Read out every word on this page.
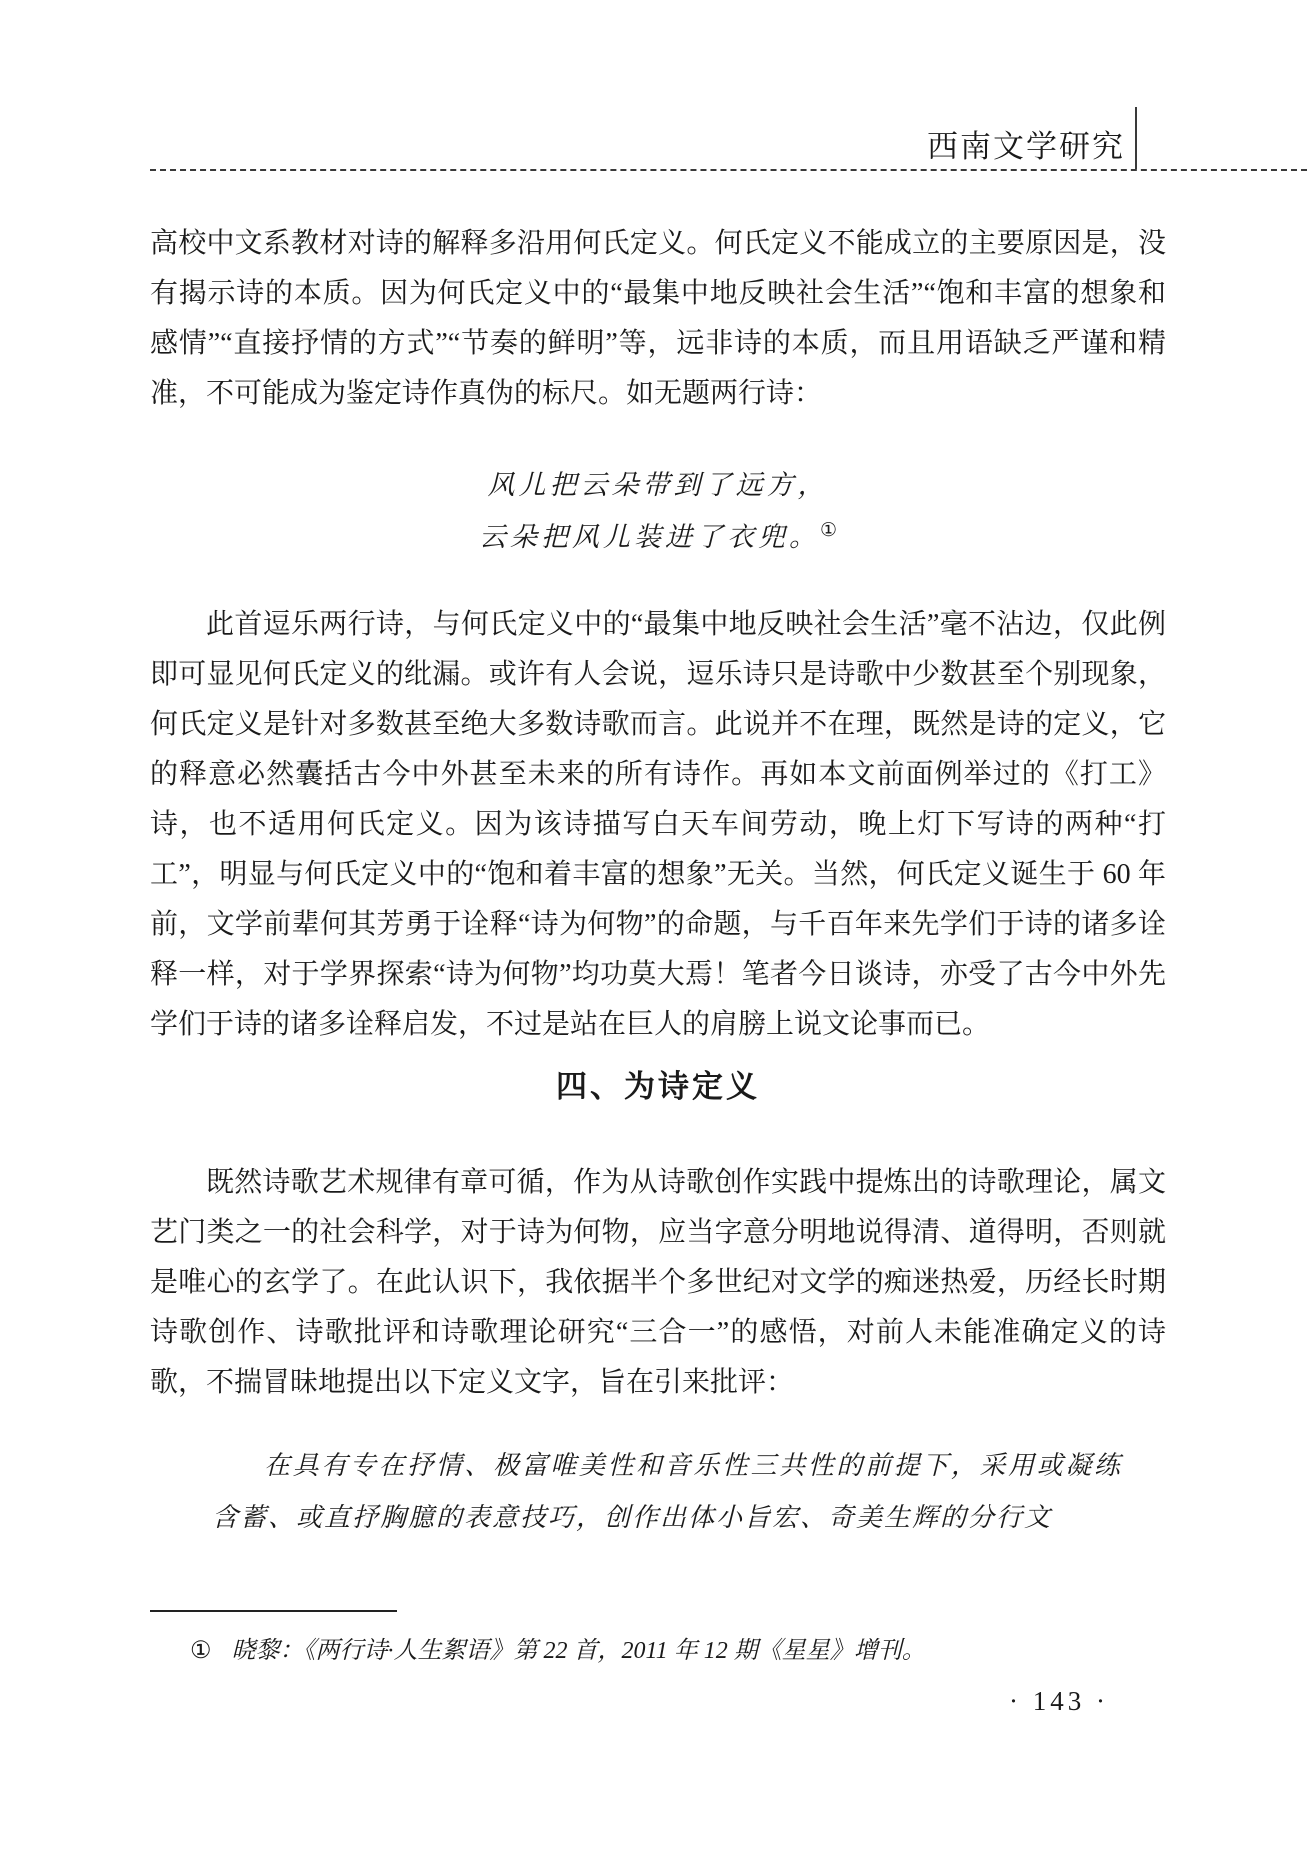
西南文学研究

高校中文系教材对诗的解释多沿用何氏定义。何氏定义不能成立的主要原因是，没有揭示诗的本质。因为何氏定义中的“最集中地反映社会生活”“饱和丰富的想象和感情”“直接抒情的方式”“节奏的鲜明”等，远非诗的本质，而且用语缺乏严谨和精准，不可能成为鉴定诗作真伪的标尺。如无题两行诗：

风儿把云朵带到了远方，
云朵把风儿装进了衣兜。①

此首逗乐两行诗，与何氏定义中的“最集中地反映社会生活”毫不沾边，仅此例即可显见何氏定义的纰漏。或许有人会说，逗乐诗只是诗歌中少数甚至个别现象，何氏定义是针对多数甚至绝大多数诗歌而言。此说并不在理，既然是诗的定义，它的释意必然囊括古今中外甚至未来的所有诗作。再如本文前面例举过的《打工》诗，也不适用何氏定义。因为该诗描写白天车间劳动，晚上灯下写诗的两种“打工”，明显与何氏定义中的“饱和着丰富的想象”无关。当然，何氏定义诞生于 60 年前，文学前辈何其芳勇于诠释“诗为何物”的命题，与千百年来先学们于诗的诸多诠释一样，对于学界探索“诗为何物”均功莫大焉！笔者今日谈诗，亦受了古今中外先学们于诗的诸多诠释启发，不过是站在巨人的肩膀上说文论事而已。

四、为诗定义

既然诗歌艺术规律有章可循，作为从诗歌创作实践中提炼出的诗歌理论，属文艺门类之一的社会科学，对于诗为何物，应当字意分明地说得清、道得明，否则就是唯心的玄学了。在此认识下，我依据半个多世纪对文学的痴迷热爱，历经长时期诗歌创作、诗歌批评和诗歌理论研究“三合一”的感悟，对前人未能准确定义的诗歌，不揣冒昧地提出以下定义文字，旨在引来批评：

在具有专在抒情、极富唯美性和音乐性三共性的前提下，采用或凝练含蓄、或直抒胸臆的表意技巧，创作出体小旨宏、奇美生辉的分行文

① 晓黎：《两行诗·人生絮语》第 22 首，2011 年 12 期《星星》增刊。

· 143 ·
